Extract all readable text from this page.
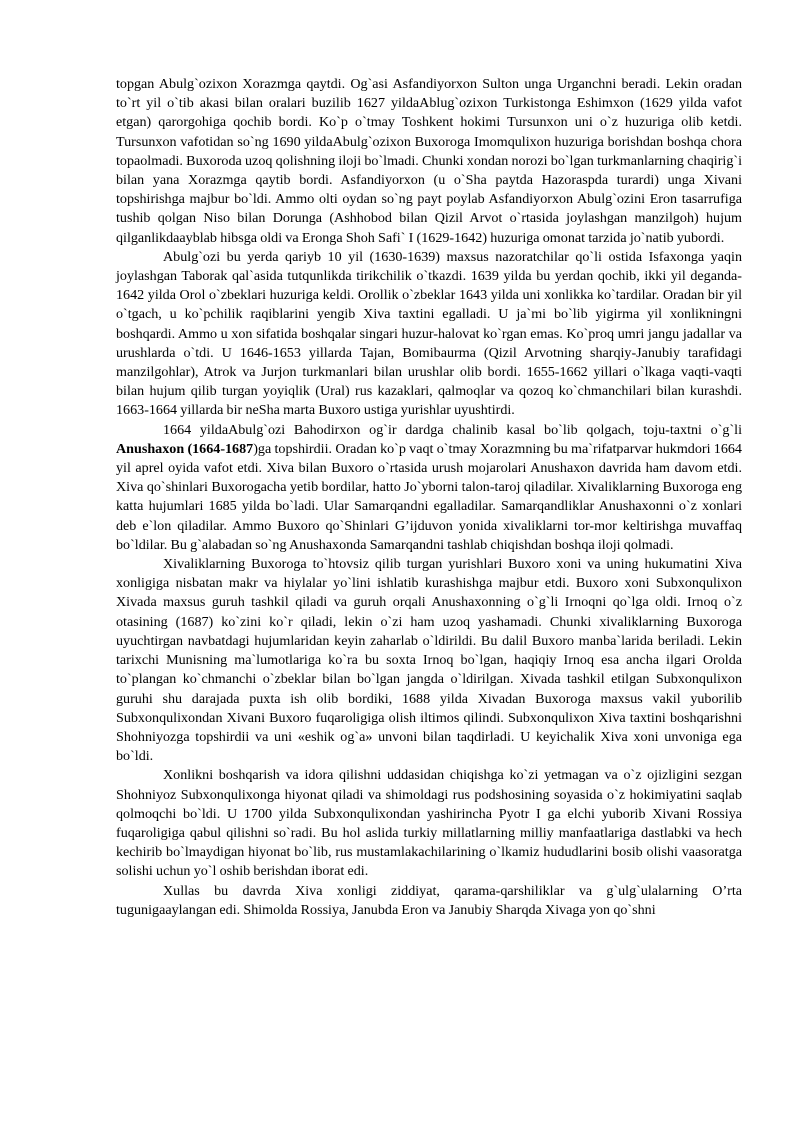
topgan Abulg`ozixon Xorazmga qaytdi. Og`asi Asfandiyorxon Sulton unga Urganchni beradi. Lekin oradan to`rt yil o`tib akasi bilan oralari buzilib 1627 yildaAblug`ozixon Turkistonga Eshimxon (1629 yilda vafot etgan) qarorgohiga qochib bordi. Ko`p o`tmay Toshkent hokimi Tursunxon uni o`z huzuriga olib ketdi. Tursunxon vafotidan so`ng 1690 yildaAbulg`ozixon Buxoroga Imomqulixon huzuriga borishdan boshqa chora topaolmadi. Buxoroda uzoq qolishning iloji bo`lmadi. Chunki xondan norozi bo`lgan turkmanlarning chaqirig`i bilan yana Xorazmga qaytib bordi. Asfandiyorxon (u o`Sha paytda Hazoraspda turardi) unga Xivani topshirishga majbur bo`ldi. Ammo olti oydan so`ng payt poylab Asfandiyorxon Abulg`ozini Eron tasarrufiga tushib qolgan Niso bilan Dorunga (Ashhobod bilan Qizil Arvot o`rtasida joylashgan manzilgoh) hujum qilganlikdaayblab hibsga oldi va Eronga Shoh Safi` I (1629-1642) huzuriga omonat tarzida jo`natib yubordi.

Abulg`ozi bu yerda qariyb 10 yil (1630-1639) maxsus nazoratchilar qo`li ostida Isfaxonga yaqin joylashgan Taborak qal`asida tutqunlikda tirikchilik o`tkazdi. 1639 yilda bu yerdan qochib, ikki yil deganda-1642 yilda Orol o`zbeklari huzuriga keldi. Orollik o`zbeklar 1643 yilda uni xonlikka ko`tardilar. Oradan bir yil o`tgach, u ko`pchilik raqiblarini yengib Xiva taxtini egalladi. U ja`mi bo`lib yigirma yil xonlikningni boshqardi. Ammo u xon sifatida boshqalar singari huzur-halovat ko`rgan emas. Ko`proq umri jangu jadallar va urushlarda o`tdi. U 1646-1653 yillarda Tajan, Bomibaurma (Qizil Arvotning sharqiy-Janubiy tarafidagi manzilgohlar), Atrok va Jurjon turkmanlari bilan urushlar olib bordi. 1655-1662 yillari o`lkaga vaqti-vaqti bilan hujum qilib turgan yoyiqlik (Ural) rus kazaklari, qalmoqlar va qozoq ko`chmanchilari bilan kurashdi. 1663-1664 yillarda bir neSha marta Buxoro ustiga yurishlar uyushtirdi.

1664 yildaAbulg`ozi Bahodirxon og`ir dardga chalinib kasal bo`lib qolgach, toju-taxtni o`g`li Anushaxon (1664-1687)ga topshirdii. Oradan ko`p vaqt o`tmay Xorazmning bu ma`rifatparvar hukmdori 1664 yil aprel oyida vafot etdi. Xiva bilan Buxoro o`rtasida urush mojarolari Anushaxon davrida ham davom etdi. Xiva qo`shinlari Buxorogacha yetib bordilar, hatto Jo`yborni talon-taroj qiladilar. Xivaliklarning Buxoroga eng katta hujumlari 1685 yilda bo`ladi. Ular Samarqandni egalladilar. Samarqandliklar Anushaxonni o`z xonlari deb e`lon qiladilar. Ammo Buxoro qo`Shinlari G’ijduvon yonida xivaliklarni tor-mor keltirishga muvaffaq bo`ldilar. Bu g`alabadan so`ng Anushaxonda Samarqandni tashlab chiqishdan boshqa iloji qolmadi.

Xivaliklarning Buxoroga to`htovsiz qilib turgan yurishlari Buxoro xoni va uning hukumatini Xiva xonligiga nisbatan makr va hiylalar yo`lini ishlatib kurashishga majbur etdi. Buxoro xoni Subxonqulixon Xivada maxsus guruh tashkil qiladi va guruh orqali Anushaxonning o`g`li Irnoqni qo`lga oldi. Irnoq o`z otasining (1687) ko`zini ko`r qiladi, lekin o`zi ham uzoq yashamadi. Chunki xivaliklarning Buxoroga uyuchtirgan navbatdagi hujumlaridan keyin zaharlab o`ldirildi. Bu dalil Buxoro manba`larida beriladi. Lekin tarixchi Munisning ma`lumotlariga ko`ra bu soxta Irnoq bo`lgan, haqiqiy Irnoq esa ancha ilgari Orolda to`plangan ko`chmanchi o`zbeklar bilan bo`lgan jangda o`ldirilgan. Xivada tashkil etilgan Subxonqulixon guruhi shu darajada puxta ish olib bordiki, 1688 yilda Xivadan Buxoroga maxsus vakil yuborilib Subxonqulixondan Xivani Buxoro fuqaroligiga olish iltimos qilindi. Subxonqulixon Xiva taxtini boshqarishni Shohniyozga topshirdii va uni «eshik og`a» unvoni bilan taqdirladi. U keyichalik Xiva xoni unvoniga ega bo`ldi.

Xonlikni boshqarish va idora qilishni uddasidan chiqishga ko`zi yetmagan va o`z ojizligini sezgan Shohniyoz Subxonqulixonga hiyonat qiladi va shimoldagi rus podshosining soyasida o`z hokimiyatini saqlab qolmoqchi bo`ldi. U 1700 yilda Subxonqulixondan yashirincha Pyotr I ga elchi yuborib Xivani Rossiya fuqaroligiga qabul qilishni so`radi. Bu hol aslida turkiy millatlarning milliy manfaatlariga dastlabki va hech kechirib bo`lmaydigan hiyonat bo`lib, rus mustamlakachilarining o`lkamiz hududlarini bosib olishi vaasoratga solishi uchun yo`l oshib berishdan iborat edi.

Xullas bu davrda Xiva xonligi ziddiyat, qarama-qarshiliklar va g`ulg`ulalarning O’rta tugunigaaylangan edi. Shimolda Rossiya, Janubda Eron va Janubiy Sharqda Xivaga yon qo`shni
